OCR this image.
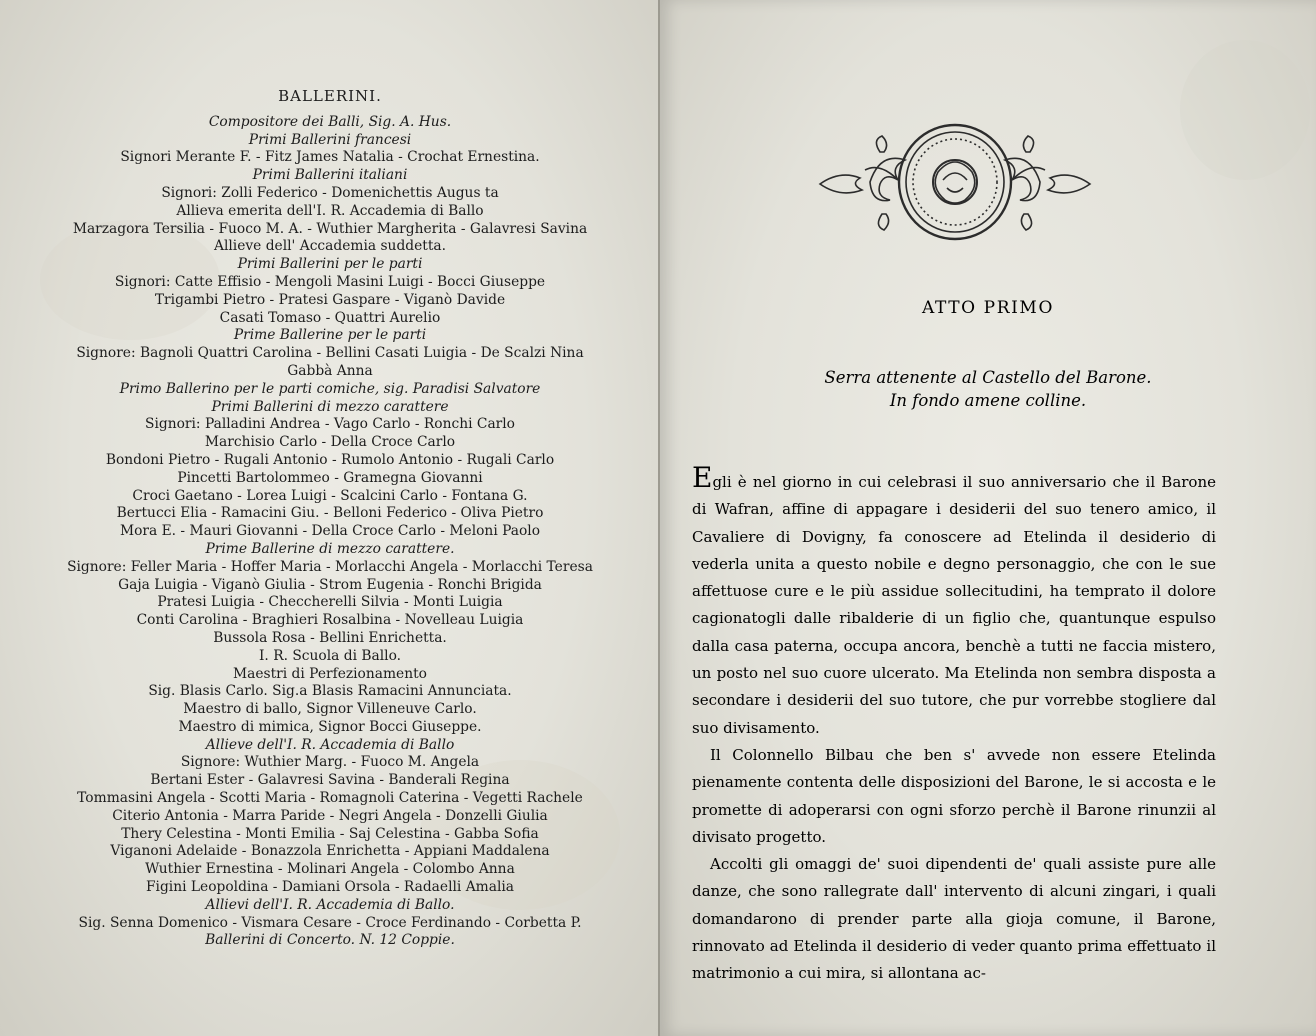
BALLERINI.
Compositore dei Balli, Sig. A. Hus.
Primi Ballerini francesi
Signori Merante F. - Fitz James Natalia - Crochat Ernestina.
Primi Ballerini italiani
Signori: Zolli Federico - Domenichettis Augus ta
Allieva emerita dell'I. R. Accademia di Ballo
Marzagora Tersilia - Fuoco M. A. - Wuthier Margherita - Galavresi Savina
Allieve dell' Accademia suddetta.
Primi Ballerini per le parti
Signori: Catte Effisio - Mengoli Masini Luigi - Bocci Giuseppe
Trigambi Pietro - Pratesi Gaspare - Viganò Davide
Casati Tomaso - Quattri Aurelio
Prime Ballerine per le parti
Signore: Bagnoli Quattri Carolina - Bellini Casati Luigia - De Scalzi Nina
Gabbà Anna
Primo Ballerino per le parti comiche, sig. Paradisi Salvatore
Primi Ballerini di mezzo carattere
Signori: Palladini Andrea - Vago Carlo - Ronchi Carlo
Marchisio Carlo - Della Croce Carlo
Bondoni Pietro - Rugali Antonio - Rumolo Antonio - Rugali Carlo
Pincetti Bartolommeo - Gramegna Giovanni
Croci Gaetano - Lorea Luigi - Scalcini Carlo - Fontana G.
Bertucci Elia - Ramacini Giu. - Belloni Federico - Oliva Pietro
Mora E. - Mauri Giovanni - Della Croce Carlo - Meloni Paolo
Prime Ballerine di mezzo carattere.
Signore: Feller Maria - Hoffer Maria - Morlacchi Angela - Morlacchi Teresa
Gaja Luigia - Viganò Giulia - Strom Eugenia - Ronchi Brigida
Pratesi Luigia - Checcherelli Silvia - Monti Luigia
Conti Carolina - Braghieri Rosalbina - Novelleau Luigia
Bussola Rosa - Bellini Enrichetta.
I. R. Scuola di Ballo.
Maestri di Perfezionamento
Sig. Blasis Carlo. Sig.a Blasis Ramacini Annunciata.
Maestro di ballo, Signor Villeneuve Carlo.
Maestro di mimica, Signor Bocci Giuseppe.
Allieve dell'I. R. Accademia di Ballo
Signore: Wuthier Marg. - Fuoco M. Angela
Bertani Ester - Galavresi Savina - Banderali Regina
Tommasini Angela - Scotti Maria - Romagnoli Caterina - Vegetti Rachele
Citerio Antonia - Marra Paride - Negri Angela - Donzelli Giulia
Thery Celestina - Monti Emilia - Saj Celestina - Gabba Sofia
Viganoni Adelaide - Bonazzola Enrichetta - Appiani Maddalena
Wuthier Ernestina - Molinari Angela - Colombo Anna
Figini Leopoldina - Damiani Orsola - Radaelli Amalia
Allievi dell'I. R. Accademia di Ballo.
Sig. Senna Domenico - Vismara Cesare - Croce Ferdinando - Corbetta P.
Ballerini di Concerto. N. 12 Coppie.
ATTO PRIMO
Serra attenente al Castello del Barone.
In fondo amene colline.

Egli è nel giorno in cui celebrasi il suo anniversario che il Barone di Wafran, affine di appagare i desiderii del suo tenero amico, il Cavaliere di Dovigny, fa conoscere ad Etelinda il desiderio di vederla unita a questo nobile e degno personaggio, che con le sue affettuose cure e le più assidue sollecitudini, ha temprato il dolore cagionatogli dalle ribalderie di un figlio che, quantunque espulso dalla casa paterna, occupa ancora, benchè a tutti ne faccia mistero, un posto nel suo cuore ulcerato. Ma Etelinda non sembra disposta a secondare i desiderii del suo tutore, che pur vorrebbe stogliere dal suo divisamento.

Il Colonnello Bilbau che ben s' avvede non essere Etelinda pienamente contenta delle disposizioni del Barone, le si accosta e le promette di adoperarsi con ogni sforzo perchè il Barone rinunzii al divisato progetto.

Accolti gli omaggi de' suoi dipendenti de' quali assiste pure alle danze, che sono rallegrate dall' intervento di alcuni zingari, i quali domandarono di prender parte alla gioja comune, il Barone, rinnovato ad Etelinda il desiderio di veder quanto prima effettuato il matrimonio a cui mira, si allontana ac-
